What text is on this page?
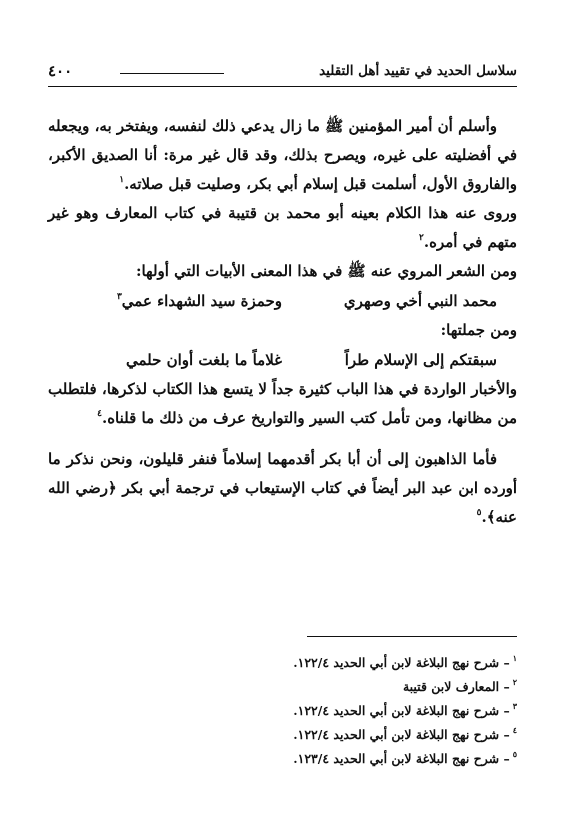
٤٠٠	سلاسل الحديد في تقييد أهل التقليد

وأسلم أن أمير المؤمنين ﷺ ما زال يدعي ذلك لنفسه، ويفتخر به، ويجعله في أفضليته على غيره، ويصرح بذلك، وقد قال غير مرة: أنا الصديق الأكبر، والفاروق الأول، أسلمت قبل إسلام أبي بكر، وصليت قبل صلاته.$^١$

وروى عنه هذا الكلام بعينه أبو محمد بن قتيبة في كتاب المعارف وهو غير متهم في أمره.$^٢$

ومن الشعر المروي عنه ﷺ في هذا المعنى الأبيات التي أولها:

محمد النبي أخي وصهري
وحمزة سيد الشهداء عمي$^٣$

ومن جملتها:

سبقتكم إلى الإسلام طراً
غلاماً ما بلغت أوان حلمي

والأخبار الواردة في هذا الباب كثيرة جداً لا يتسع هذا الكتاب لذكرها، فلتطلب من مظانها، ومن تأمل كتب السير والتواريخ عرف من ذلك ما قلناه.$^٤$

فأما الذاهبون إلى أن أبا بكر أقدمهما إسلاماً فنفر قليلون، ونحن نذكر ما أورده ابن عبد البر أيضاً في كتاب الإستيعاب في ترجمة أبي بكر ﴿رضي الله عنه﴾.$^٥$

$^١$– شرح نهج البلاغة لابن أبي الحديد ١٢٢/٤.
$^٢$– المعارف لابن قتيبة
$^٣$– شرح نهج البلاغة لابن أبي الحديد ١٢٢/٤.
$^٤$– شرح نهج البلاغة لابن أبي الحديد ١٢٢/٤.
$^٥$– شرح نهج البلاغة لابن أبي الحديد ١٢٣/٤.
